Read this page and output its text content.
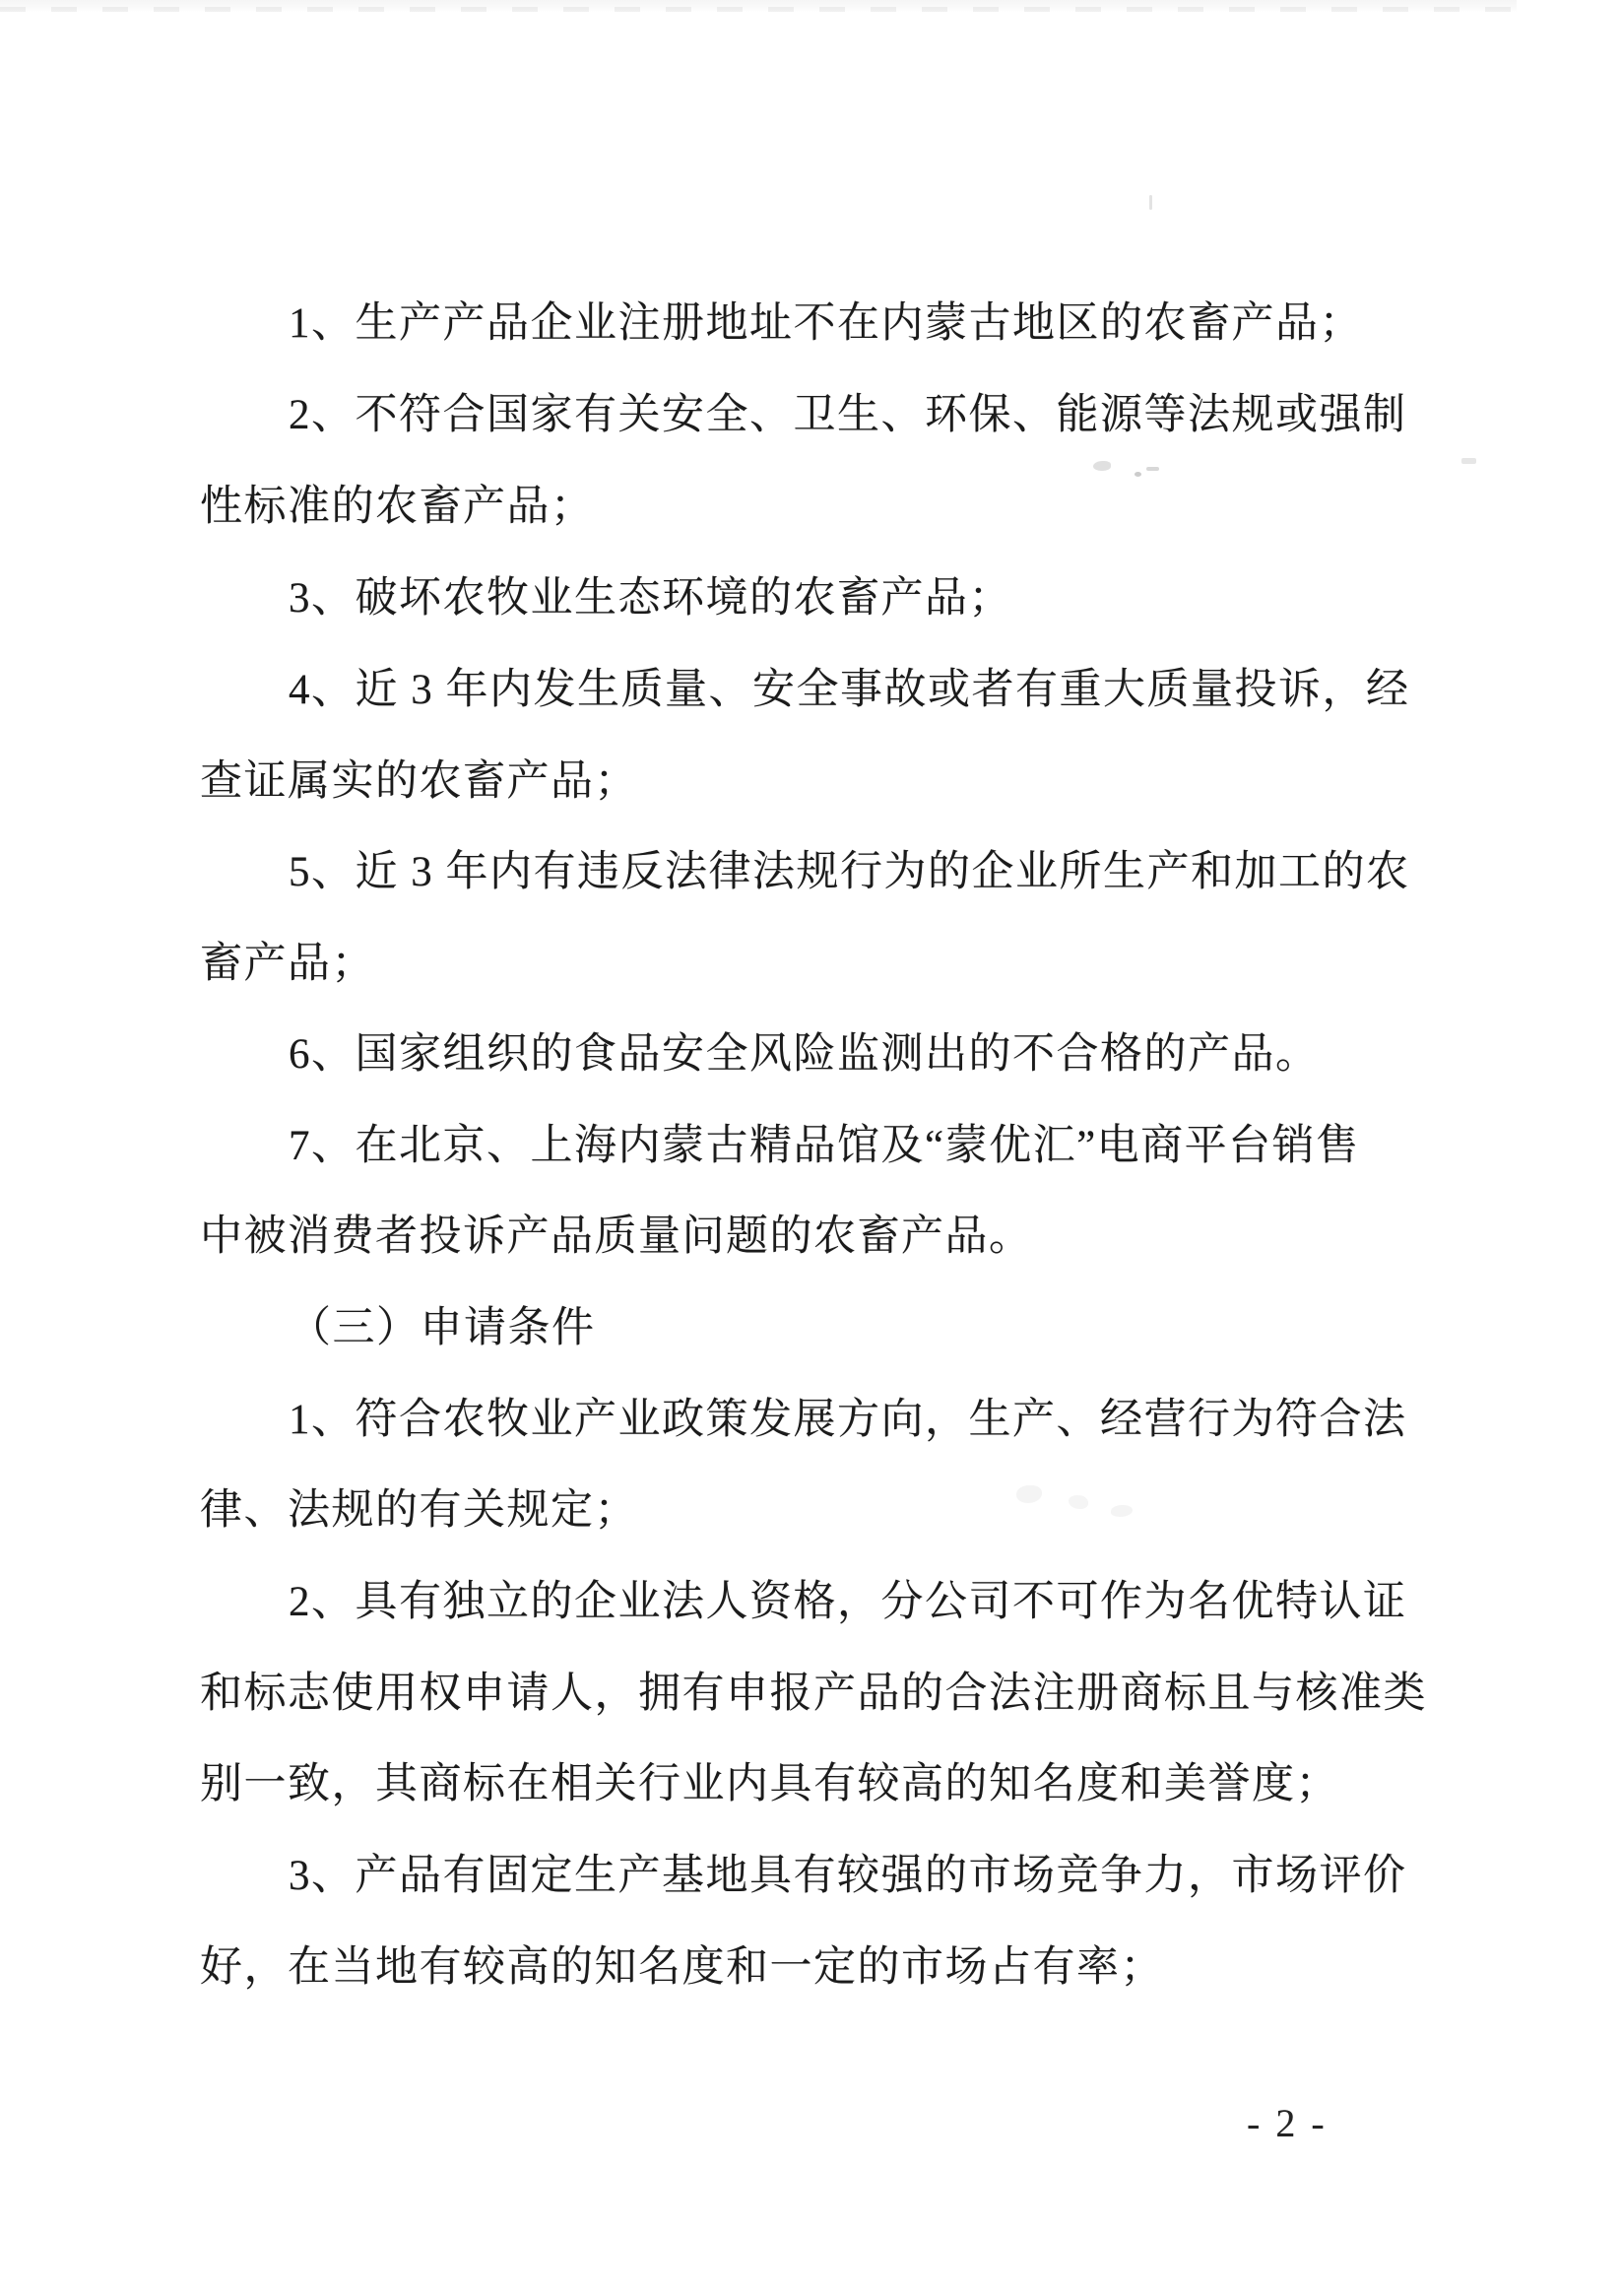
1、生产产品企业注册地址不在内蒙古地区的农畜产品；
2、不符合国家有关安全、卫生、环保、能源等法规或强制
性标准的农畜产品；
3、破坏农牧业生态环境的农畜产品；
4、近 3 年内发生质量、安全事故或者有重大质量投诉，经
查证属实的农畜产品；
5、近 3 年内有违反法律法规行为的企业所生产和加工的农
畜产品；
6、国家组织的食品安全风险监测出的不合格的产品。
7、在北京、上海内蒙古精品馆及“蒙优汇”电商平台销售
中被消费者投诉产品质量问题的农畜产品。
（三）申请条件
1、符合农牧业产业政策发展方向，生产、经营行为符合法
律、法规的有关规定；
2、具有独立的企业法人资格，分公司不可作为名优特认证
和标志使用权申请人，拥有申报产品的合法注册商标且与核准类
别一致，其商标在相关行业内具有较高的知名度和美誉度；
3、产品有固定生产基地具有较强的市场竞争力，市场评价
好，在当地有较高的知名度和一定的市场占有率；
- 2 -
